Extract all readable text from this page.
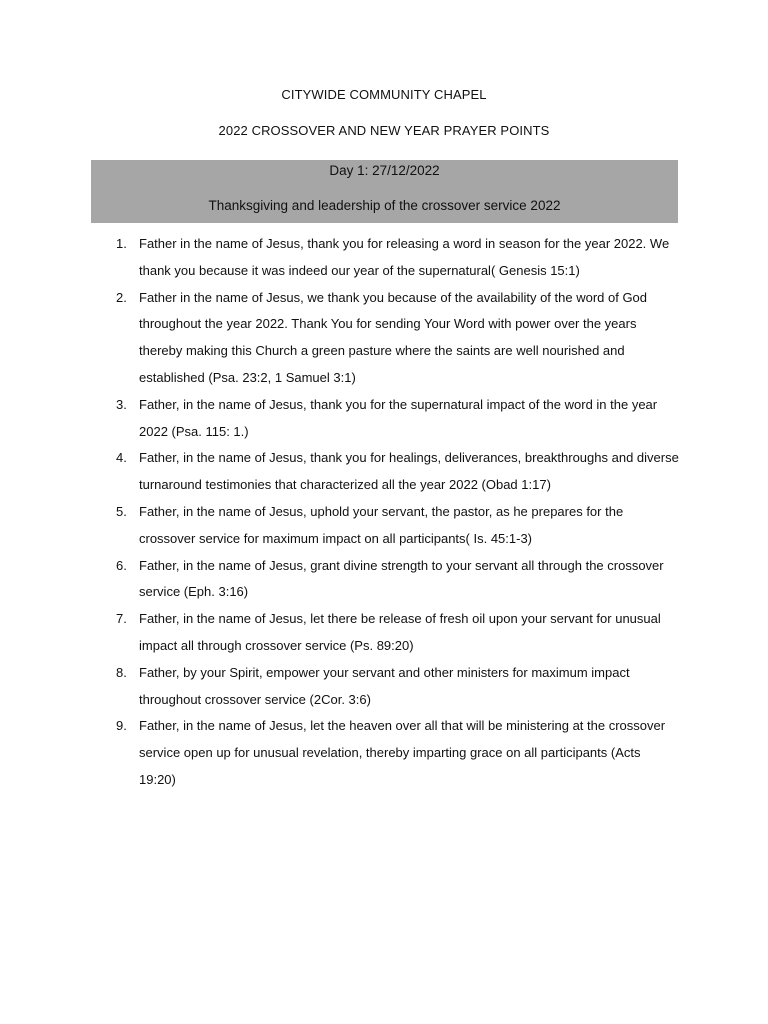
CITYWIDE COMMUNITY CHAPEL
2022 CROSSOVER AND NEW YEAR PRAYER POINTS
Day 1: 27/12/2022
Thanksgiving and leadership of the crossover service 2022
1. Father in the name of Jesus, thank you for releasing a word in season for the year 2022. We thank you because it was indeed our year of the supernatural( Genesis 15:1)
2. Father in the name of Jesus, we thank you because of the availability of the word of God throughout the year 2022. Thank You for sending Your Word with power over the years thereby making this Church a green pasture where the saints are well nourished and established (Psa. 23:2, 1 Samuel 3:1)
3. Father, in the name of Jesus, thank you for the supernatural impact of the word in the year 2022 (Psa. 115: 1.)
4. Father, in the name of Jesus, thank you for healings, deliverances, breakthroughs and diverse turnaround testimonies that characterized all the year 2022 (Obad 1:17)
5. Father, in the name of Jesus, uphold your servant, the pastor, as he prepares for the crossover service for maximum impact on all participants( Is. 45:1-3)
6. Father, in the name of Jesus, grant divine strength to your servant all through the crossover service (Eph. 3:16)
7. Father, in the name of Jesus, let there be release of fresh oil upon your servant for unusual impact all through crossover service (Ps. 89:20)
8. Father, by your Spirit, empower your servant and other ministers for maximum impact throughout crossover service (2Cor. 3:6)
9. Father, in the name of Jesus, let the heaven over all that will be ministering at the crossover service open up for unusual revelation, thereby imparting grace on all participants (Acts 19:20)
